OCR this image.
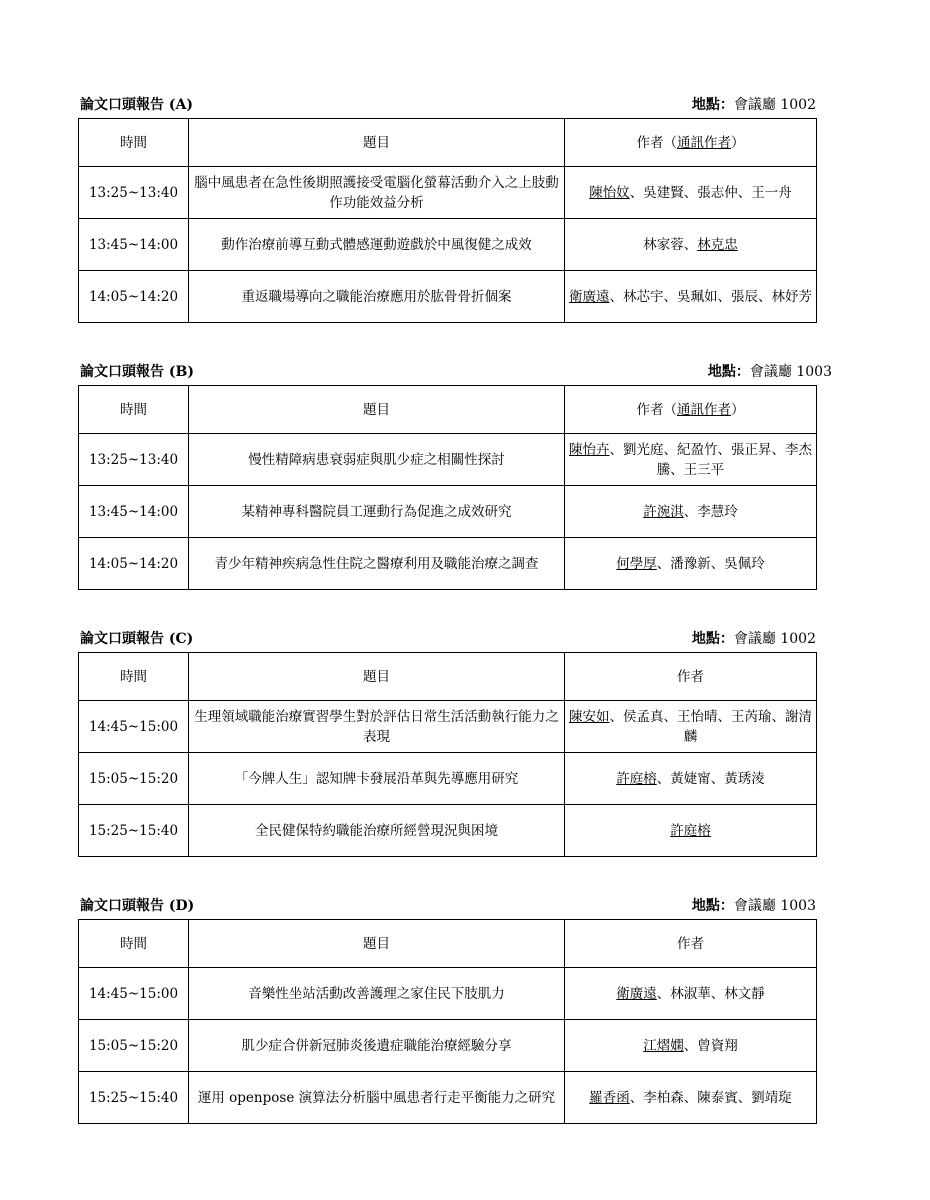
論文口頭報告 (A)	地點：會議廳 1002
時間	題目	作者（通訊作者）
13:25~13:40	腦中風患者在急性後期照護接受電腦化螢幕活動介入之上肢動作功能效益分析	陳怡妏、吳建賢、張志仲、王一舟
13:45~14:00	動作治療前導互動式體感運動遊戲於中風復健之成效	林家蓉、林克忠
14:05~14:20	重返職場導向之職能治療應用於肱骨骨折個案	衛廣遠、林芯宇、吳珮如、張辰、林妤芳
論文口頭報告 (B)	地點：會議廳 1003
時間	題目	作者（通訊作者）
13:25~13:40	慢性精障病患衰弱症與肌少症之相關性探討	陳怡卉、劉光庭、紀盈竹、張正昇、李杰騰、王三平
13:45~14:00	某精神專科醫院員工運動行為促進之成效研究	許涴淇、李慧玲
14:05~14:20	青少年精神疾病急性住院之醫療利用及職能治療之調查	何學厚、潘豫新、吳佩玲
論文口頭報告 (C)	地點：會議廳 1002
時間	題目	作者
14:45~15:00	生理領域職能治療實習學生對於評估日常生活活動執行能力之表現	陳安如、侯孟真、王怡晴、王芮瑜、謝清麟
15:05~15:20	「今牌人生」認知牌卡發展沿革與先導應用研究	許庭榕、黃婕甯、黃琇淩
15:25~15:40	全民健保特約職能治療所經營現況與困境	許庭榕
論文口頭報告 (D)	地點：會議廳 1003
時間	題目	作者
14:45~15:00	音樂性坐站活動改善護理之家住民下肢肌力	衛廣遠、林淑華、林文靜
15:05~15:20	肌少症合併新冠肺炎後遺症職能治療經驗分享	江熠嫻、曾資翔
15:25~15:40	運用 openpose 演算法分析腦中風患者行走平衡能力之研究	羅香函、李柏森、陳泰賓、劉靖琁
